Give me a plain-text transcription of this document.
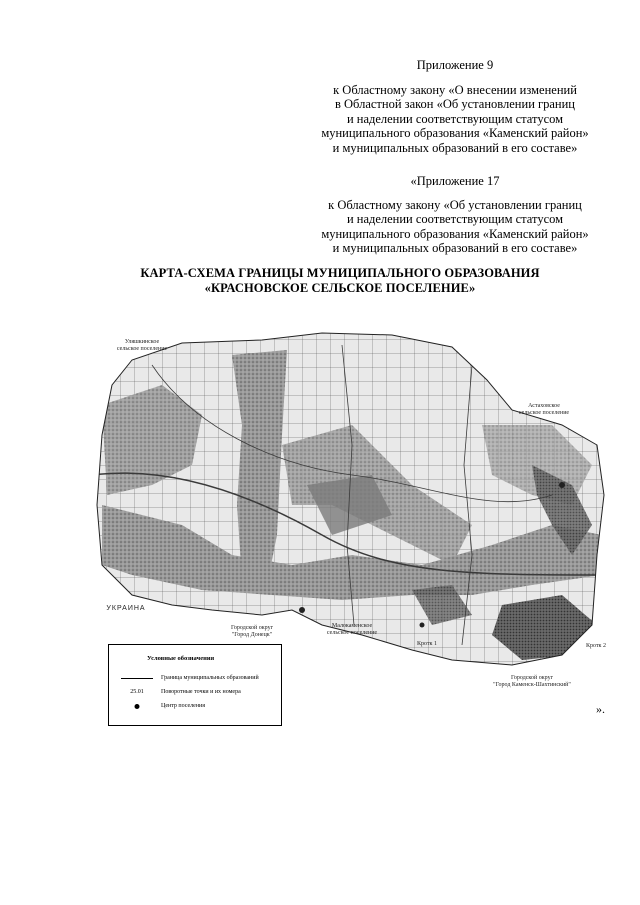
Приложение 9
к Областному закону «О внесении изменений
в Областной закон «Об установлении границ
и наделении соответствующим статусом
муниципального образования «Каменский район»
и муниципальных образований в его составе»
«Приложение 17
к Областному закону «Об установлении границ
и наделении соответствующим статусом
муниципального образования «Каменский район»
и муниципальных образований в его составе»
КАРТА-СХЕМА ГРАНИЦЫ МУНИЦИПАЛЬНОГО ОБРАЗОВАНИЯ
«КРАСНОВСКОЕ СЕЛЬСКОЕ ПОСЕЛЕНИЕ»
Уляшкинское
сельское поселение
Астаховское
сельское поселение
УКРАИНА
Городской округ
"Город Донецк"
Малокаменское
сельское поселение
Городской округ
"Город Каменск-Шахтинский"
Кротк 1	Кротк 2
Условные обозначения
Граница муниципальных образований
25.01	Поворотные точки и их номера
Центр поселения	».
